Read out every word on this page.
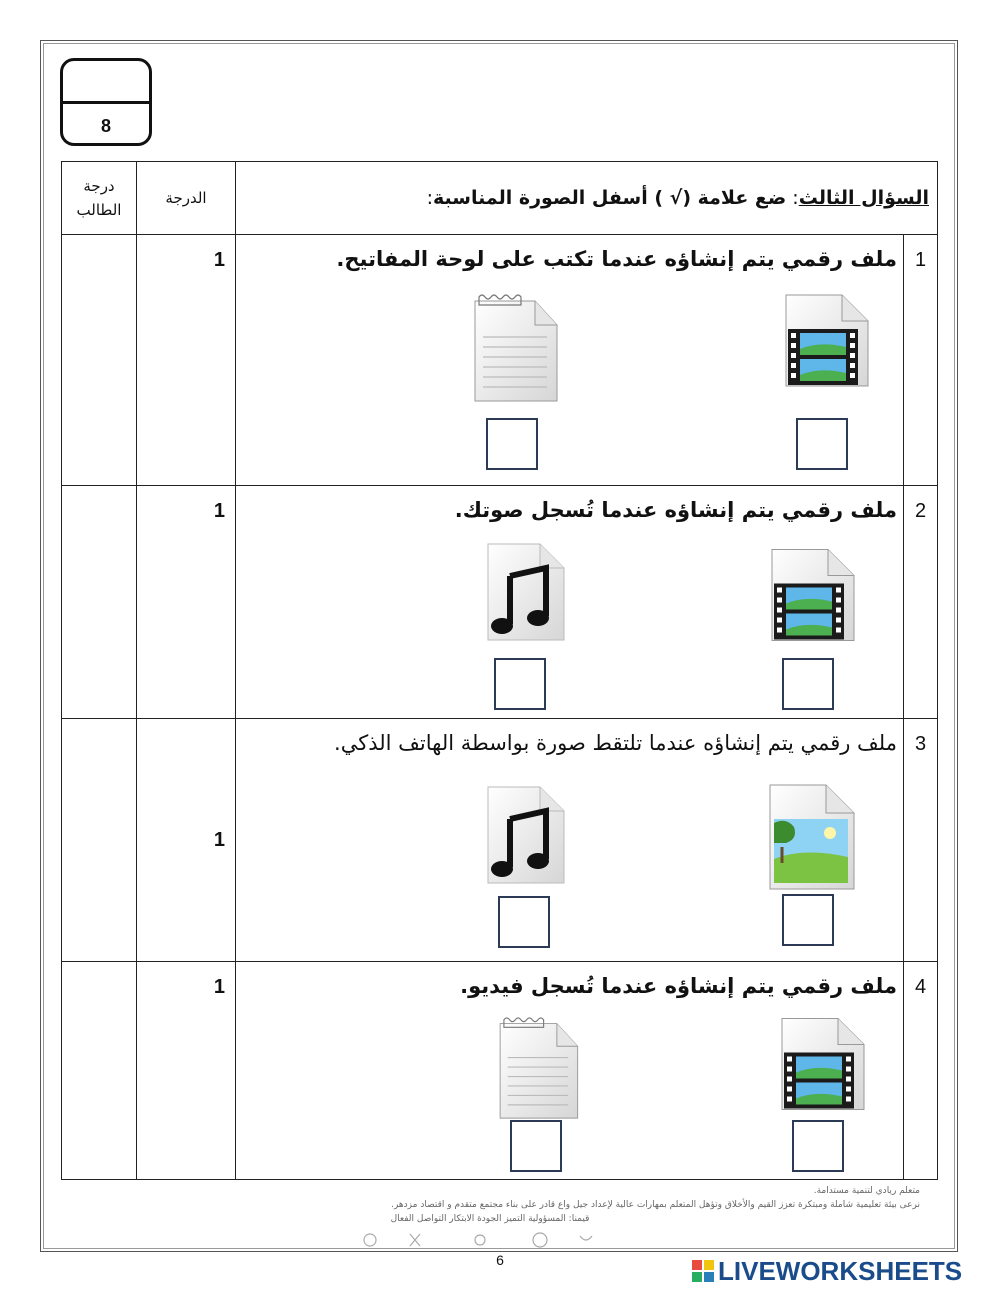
8
درجة
الطالب	الدرجة	السؤال الثالث: ضع علامة (√ ) أسفل الصورة المناسبة:	
	1	ملف رقمي يتم إنشاؤه عندما تكتب على لوحة المفاتيح.	1
	1	ملف رقمي يتم إنشاؤه عندما تُسجل صوتك.	2
	1	ملف رقمي يتم إنشاؤه عندما تلتقط صورة بواسطة الهاتف الذكي.	3
	1	ملف رقمي يتم إنشاؤه عندما تُسجل فيديو.	4
متعلم ريادي لتنمية مستدامة.
نرعى بيئة تعليمية شاملة ومبتكرة تعزز القيم والأخلاق وتؤهل المتعلم بمهارات عالية لإعداد جيل واع قادر على بناء مجتمع متقدم و اقتصاد مزدهر.
قيمنا: المسؤولية التميز الجودة الابتكار التواصل الفعال
6	LIVEWORKSHEETS
